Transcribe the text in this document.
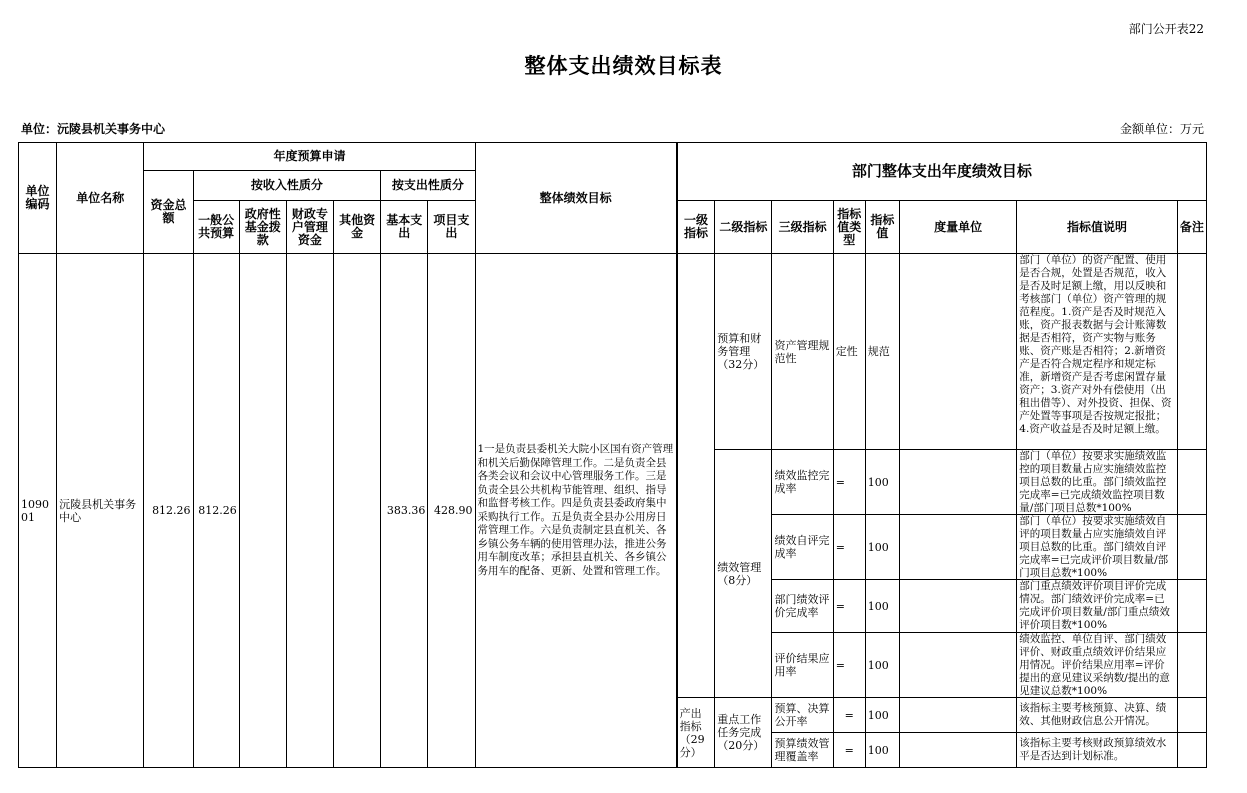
部门公开表22
整体支出绩效目标表
单位：沅陵县机关事务中心	金额单位：万元
单位编码	单位名称	年度预算申请							整体绩效目标	部门整体支出年度绩效目标							
		资金总额	按收入性质分				按支出性质分										
			一般公共预算	政府性基金拨款	财政专户管理资金	其他资金	基本支出	项目支出		一级指标	二级指标	三级指标	指标值类型	指标值	度量单位	指标值说明	备注
109001	沅陵县机关事务中心	812.26	812.26				383.36	428.90	1一是负责县委机关大院小区国有资产管理和机关后勤保障管理工作。二是负责全县各类会议和会议中心管理服务工作。三是负责全县公共机构节能管理、组织、指导和监督考核工作。四是负责县委政府集中采购执行工作。五是负责全县办公用房日常管理工作。六是负责制定县直机关、各乡镇公务车辆的使用管理办法，推进公务用车制度改革；承担县直机关、各乡镇公务用车的配备、更新、处置和管理工作。		预算和财务管理（32分）	资产管理规范性	定性	规范		部门（单位）的资产配置、使用是否合规，处置是否规范，收入是否及时足额上缴，用以反映和考核部门（单位）资产管理的规范程度。1.资产是否及时规范入账，资产报表数据与会计账簿数据是否相符，资产实物与账务账、资产账是否相符；2.新增资产是否符合规定程序和规定标准，新增资产是否考虑闲置存量资产；3.资产对外有偿使用（出租出借等）、对外投资、担保、资产处置等事项是否按规定报批；4.资产收益是否及时足额上缴。	

											绩效管理（8分）	绩效监控完成率	=	100		部门（单位）按要求实施绩效监控的项目数量占应实施绩效监控项目总数的比重。部门绩效监控完成率=已完成绩效监控项目数量/部门项目总数*100%	

												绩效自评完成率	=	100		部门（单位）按要求实施绩效自评的项目数量占应实施绩效自评项目总数的比重。部门绩效自评完成率=已完成评价项目数量/部门项目总数*100%	

												部门绩效评价完成率	=	100		部门重点绩效评价项目评价完成情况。部门绩效评价完成率=已完成评价项目数量/部门重点绩效评价项目数*100%	

												评价结果应用率	=	100		绩效监控、单位自评、部门绩效评价、财政重点绩效评价结果应用情况。评价结果应用率=评价提出的意见建议采纳数/提出的意见建议总数*100%	

										产出指标（29分）	重点工作任务完成（20分）	预算、决算公开率	=	100		该指标主要考核预算、决算、绩效、其他财政信息公开情况。	
												预算绩效管理覆盖率	=	100		该指标主要考核财政预算绩效水平是否达到计划标准。	
